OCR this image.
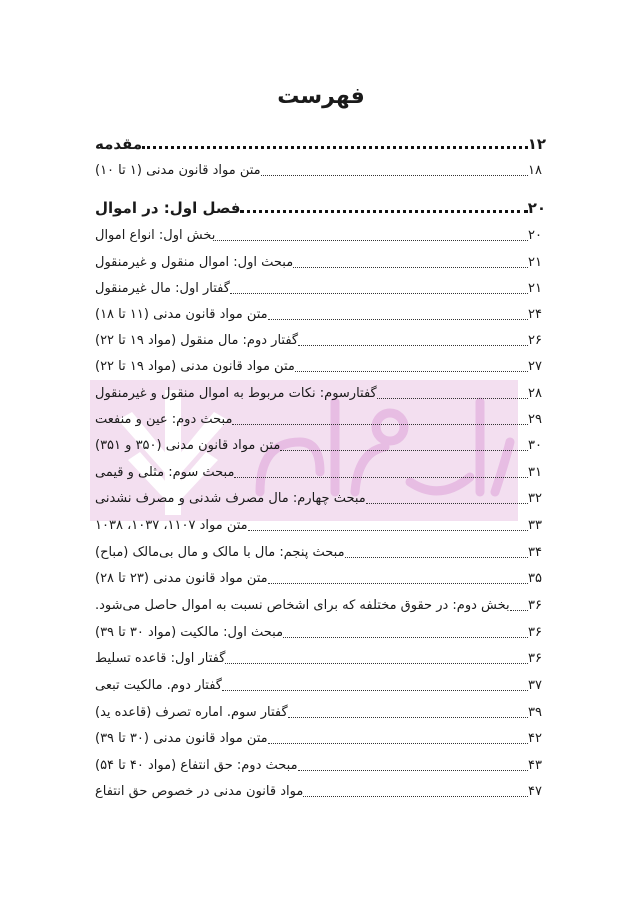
فهرست
۱۲
مقدمه
۱۸
متن مواد قانون مدنی (۱ تا ۱۰)
۲۰
فصل اول: در اموال
۲۰
بخش اول: انواع اموال
۲۱
مبحث اول: اموال منقول و غیرمنقول
۲۱
گفتار اول: مال غیرمنقول
۲۴
متن مواد قانون مدنی (۱۱ تا ۱۸)
۲۶
گفتار دوم: مال منقول (مواد ۱۹ تا ۲۲)
۲۷
متن مواد قانون مدنی (مواد ۱۹ تا ۲۲)
۲۸
گفتارسوم: نکات مربوط به اموال منقول و غیرمنقول
۲۹
مبحث دوم: عین و منفعت
۳۰
متن مواد قانون مدنی (۳۵۰ و ۳۵۱)
۳۱
مبحث سوم: مثلی و قیمی
۳۲
مبحث چهارم: مال مصرف شدنی و مصرف نشدنی
۳۳
متن مواد ۱۱۰۷، ۱۰۳۷، ۱۰۳۸
۳۴
مبحث پنجم: مال با مالک و مال بی‌مالک (مباح)
۳۵
متن مواد قانون مدنی (۲۳ تا ۲۸)
۳۶
بخش دوم: در حقوق مختلفه که برای اشخاص نسبت به اموال حاصل می‌شود.
۳۶
مبحث اول: مالکیت (مواد ۳۰ تا ۳۹)
۳۶
گفتار اول: قاعده تسلیط
۳۷
گفتار دوم. مالکیت تبعی
۳۹
گفتار سوم. اماره تصرف (قاعده ید)
۴۲
متن مواد قانون مدنی (۳۰ تا ۳۹)
۴۳
مبحث دوم: حق انتفاع (مواد ۴۰ تا ۵۴)
۴۷
مواد قانون مدنی در خصوص حق انتفاع
